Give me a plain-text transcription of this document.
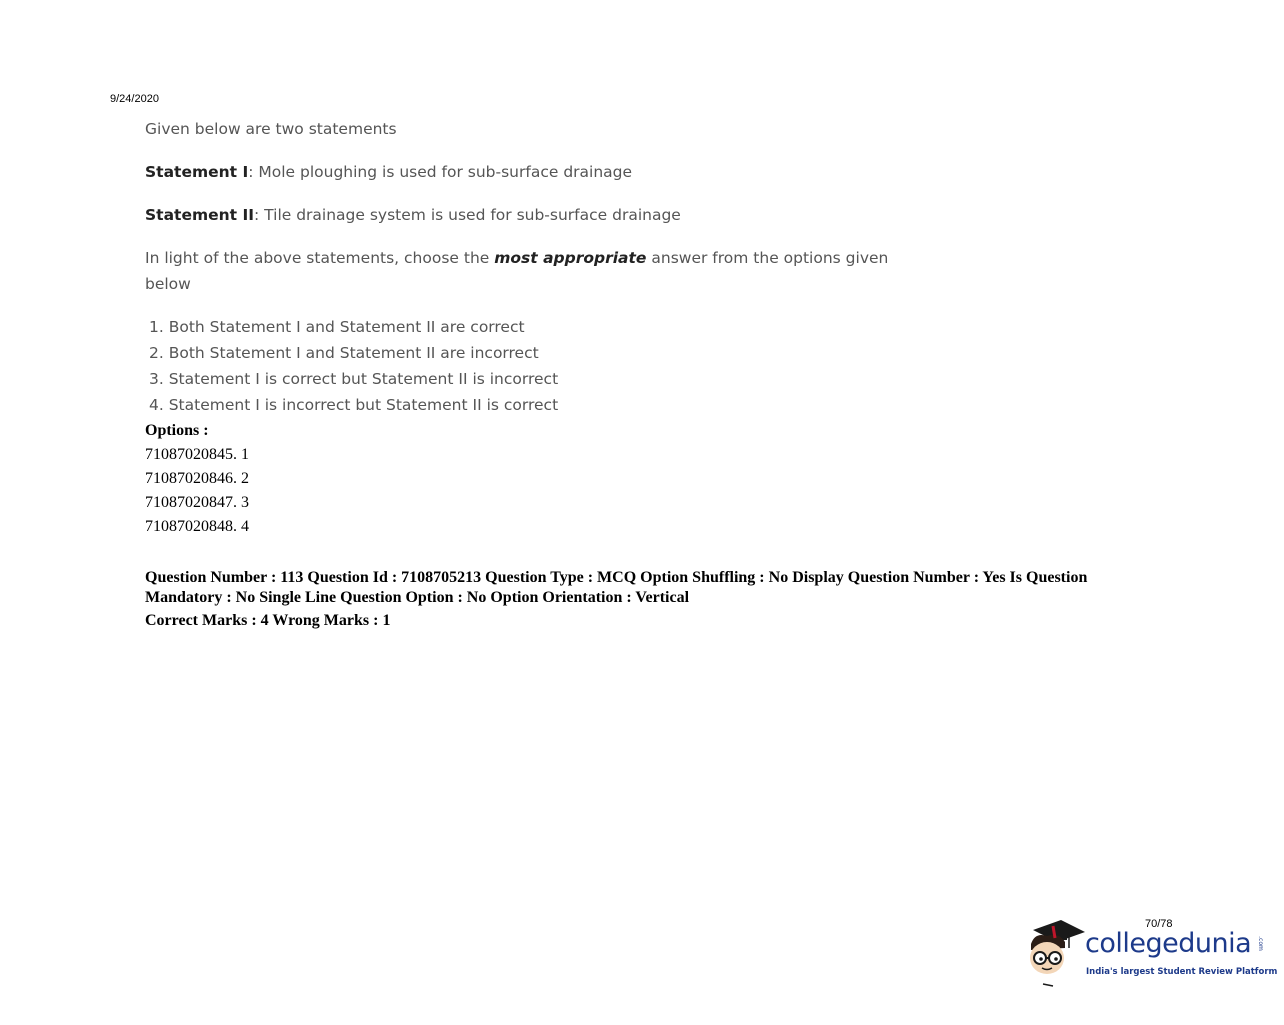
9/24/2020

Given below are two statements

Statement I: Mole ploughing is used for sub-surface drainage

Statement II: Tile drainage system is used for sub-surface drainage

In light of the above statements, choose the most appropriate answer from the options given below

1. Both Statement I and Statement II are correct
2. Both Statement I and Statement II are incorrect
3. Statement I is correct but Statement II is incorrect
4. Statement I is incorrect but Statement II is correct
Options :
71087020845. 1
71087020846. 2
71087020847. 3
71087020848. 4
Question Number : 113 Question Id : 7108705213 Question Type : MCQ Option Shuffling : No Display Question Number : Yes Is Question Mandatory : No Single Line Question Option : No Option Orientation : Vertical
Correct Marks : 4 Wrong Marks : 1
70/78
collegedunia .com
India's largest Student Review Platform
